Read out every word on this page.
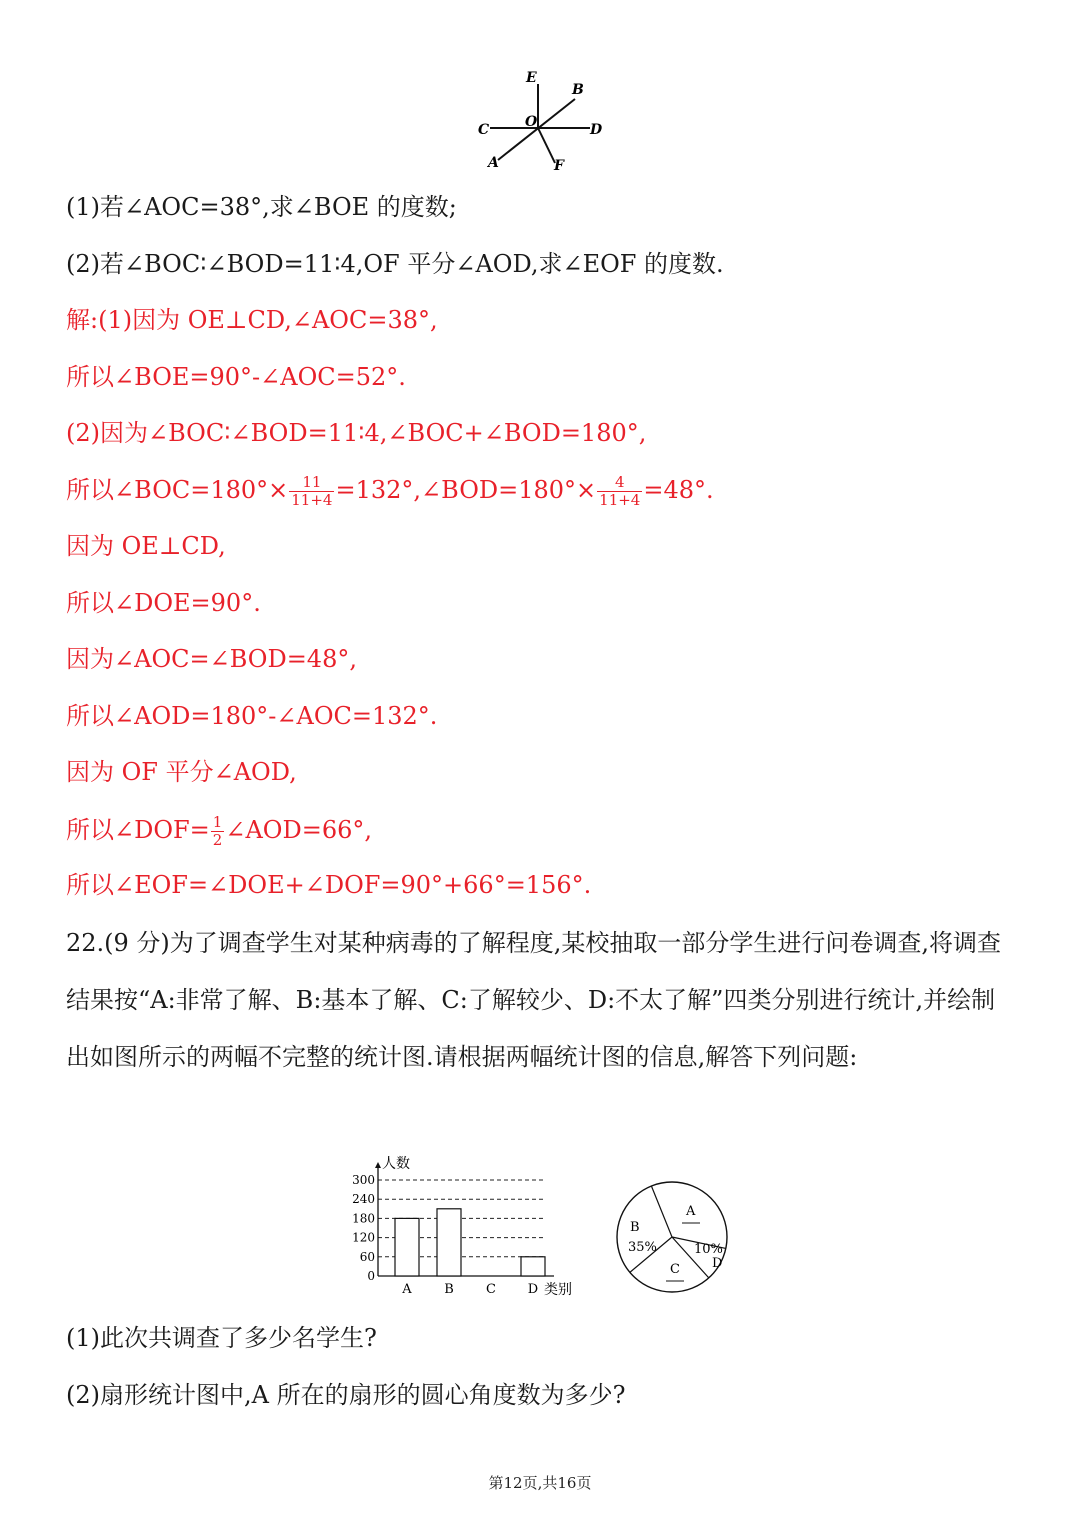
E
B
C	O	D
A	F
(1)若∠AOC=38°,求∠BOE 的度数;
(2)若∠BOC∶∠BOD=11∶4,OF 平分∠AOD,求∠EOF 的度数.
解:(1)因为 OE⊥CD,∠AOC=38°,
所以∠BOE=90°-∠AOC=52°.
(2)因为∠BOC∶∠BOD=11∶4,∠BOC+∠BOD=180°,
所以∠BOC=180°× $\frac{11}{11+4}$ =132°,∠BOD=180°× $\frac{4}{11+4} =48^\circ$.
因为 OE⊥CD,
所以∠DOE=90°.
因为∠AOC=∠BOD=48°,
所以∠AOD=180°-∠AOC=132°.
因为 OF 平分∠AOD,
所以∠DOF= $\frac{1}{2}$ ∠AOD=66°,
所以∠EOF=∠DOE+∠DOF=90°+66°=156°.
22.(9 分)为了调查学生对某种病毒的了解程度,某校抽取一部分学生进行问卷调查,将调查结果按“A:非常了解、B:基本了解、C:了解较少、D:不太了解”四类分别进行统计,并绘制出如图所示的两幅不完整的统计图.请根据两幅统计图的信息,解答下列问题:
0
60
120
180
240
300
人数
A	B C D 类别
A
B
35%
C D
10%
(1)此次共调查了多少名学生?
(2)扇形统计图中,A 所在的扇形的圆心角度数为多少?
第12页,共16页
